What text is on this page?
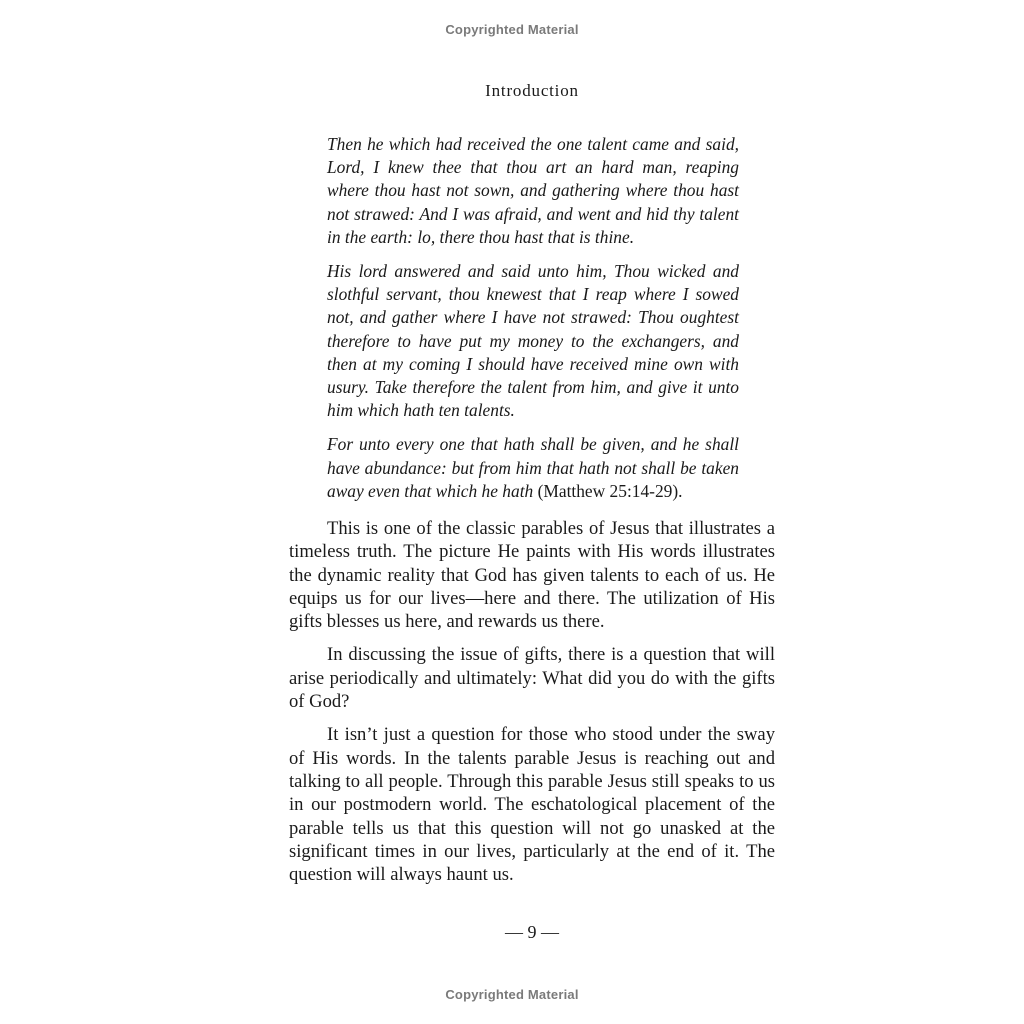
Copyrighted Material
Introduction

Then he which had received the one talent came and said, Lord, I knew thee that thou art an hard man, reaping where thou hast not sown, and gathering where thou hast not strawed: And I was afraid, and went and hid thy talent in the earth: lo, there thou hast that is thine.

His lord answered and said unto him, Thou wicked and slothful servant, thou knewest that I reap where I sowed not, and gather where I have not strawed: Thou oughtest therefore to have put my money to the exchangers, and then at my coming I should have received mine own with usury. Take therefore the talent from him, and give it unto him which hath ten talents.

For unto every one that hath shall be given, and he shall have abundance: but from him that hath not shall be taken away even that which he hath (Matthew 25:14-29).

This is one of the classic parables of Jesus that illustrates a timeless truth. The picture He paints with His words illustrates the dynamic reality that God has given talents to each of us. He equips us for our lives—here and there. The utilization of His gifts blesses us here, and rewards us there.

In discussing the issue of gifts, there is a question that will arise periodically and ultimately: What did you do with the gifts of God?

It isn’t just a question for those who stood under the sway of His words. In the talents parable Jesus is reaching out and talking to all people. Through this parable Jesus still speaks to us in our postmodern world. The eschatological placement of the parable tells us that this question will not go unasked at the significant times in our lives, particularly at the end of it. The question will always haunt us.

— 9 —
Copyrighted Material
